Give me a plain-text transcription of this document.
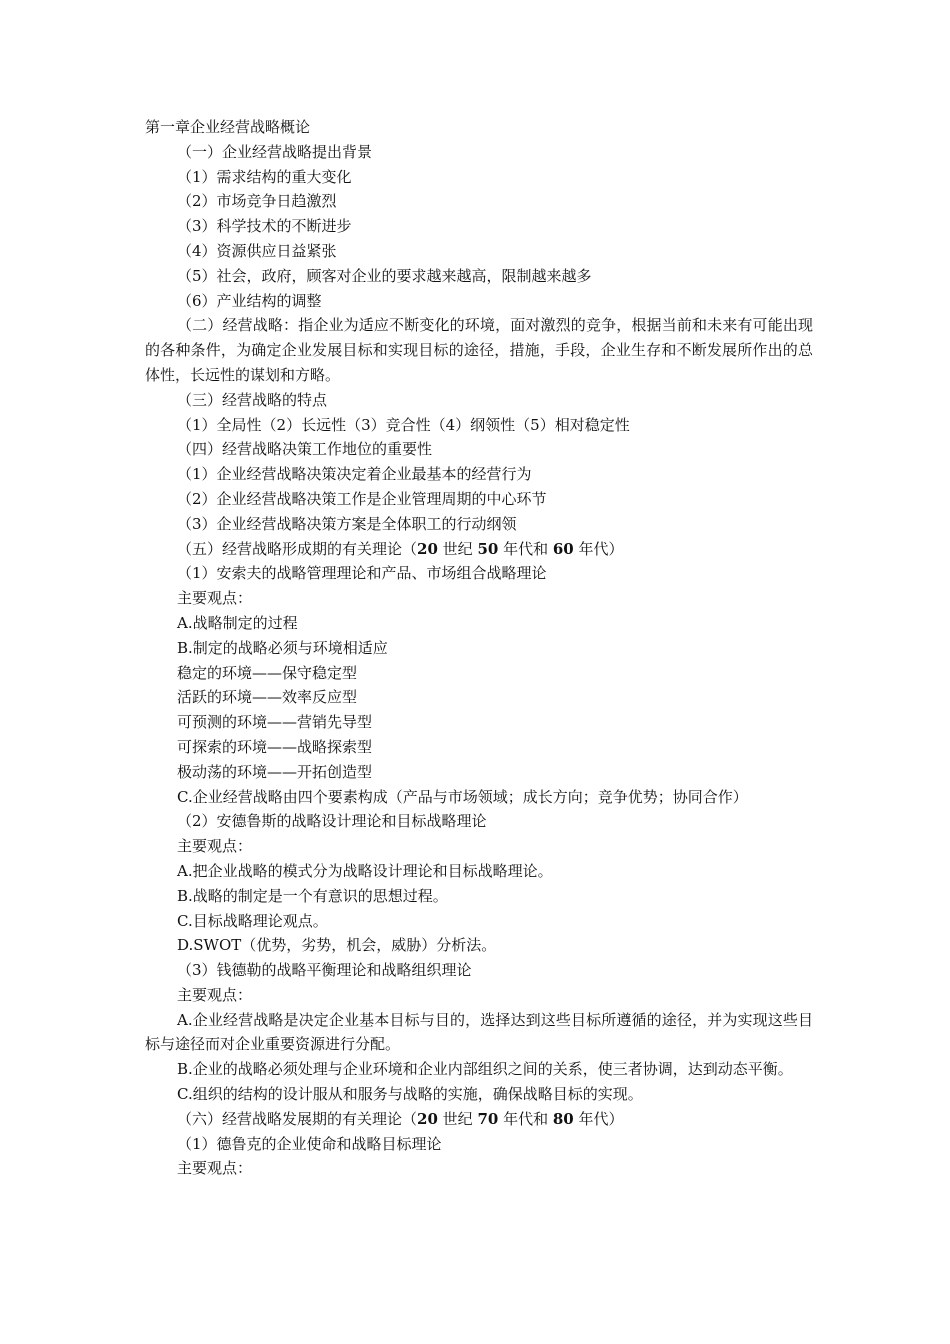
第一章企业经营战略概论

（一）企业经营战略提出背景

（1）需求结构的重大变化

（2）市场竞争日趋激烈

（3）科学技术的不断进步

（4）资源供应日益紧张

（5）社会，政府，顾客对企业的要求越来越高，限制越来越多

（6）产业结构的调整

（二）经营战略：指企业为适应不断变化的环境，面对激烈的竞争，根据当前和未来有可能出现的各种条件，为确定企业发展目标和实现目标的途径，措施，手段，企业生存和不断发展所作出的总体性，长远性的谋划和方略。

（三）经营战略的特点

（1）全局性（2）长远性（3）竞合性（4）纲领性（5）相对稳定性

（四）经营战略决策工作地位的重要性

（1）企业经营战略决策决定着企业最基本的经营行为

（2）企业经营战略决策工作是企业管理周期的中心环节

（3）企业经营战略决策方案是全体职工的行动纲领

（五）经营战略形成期的有关理论（20 世纪 50 年代和 60 年代）

（1）安索夫的战略管理理论和产品、市场组合战略理论

主要观点：

A.战略制定的过程

B.制定的战略必须与环境相适应

稳定的环境——保守稳定型

活跃的环境——效率反应型

可预测的环境——营销先导型

可探索的环境——战略探索型

极动荡的环境——开拓创造型

C.企业经营战略由四个要素构成（产品与市场领域；成长方向；竞争优势；协同合作）

（2）安德鲁斯的战略设计理论和目标战略理论

主要观点：

A.把企业战略的模式分为战略设计理论和目标战略理论。

B.战略的制定是一个有意识的思想过程。

C.目标战略理论观点。

D.SWOT（优势，劣势，机会，威胁）分析法。

（3）钱德勒的战略平衡理论和战略组织理论

主要观点：

A.企业经营战略是决定企业基本目标与目的，选择达到这些目标所遵循的途径，并为实现这些目标与途径而对企业重要资源进行分配。

B.企业的战略必须处理与企业环境和企业内部组织之间的关系，使三者协调，达到动态平衡。

C.组织的结构的设计服从和服务与战略的实施，确保战略目标的实现。

（六）经营战略发展期的有关理论（20 世纪 70 年代和 80 年代）

（1）德鲁克的企业使命和战略目标理论

主要观点：
